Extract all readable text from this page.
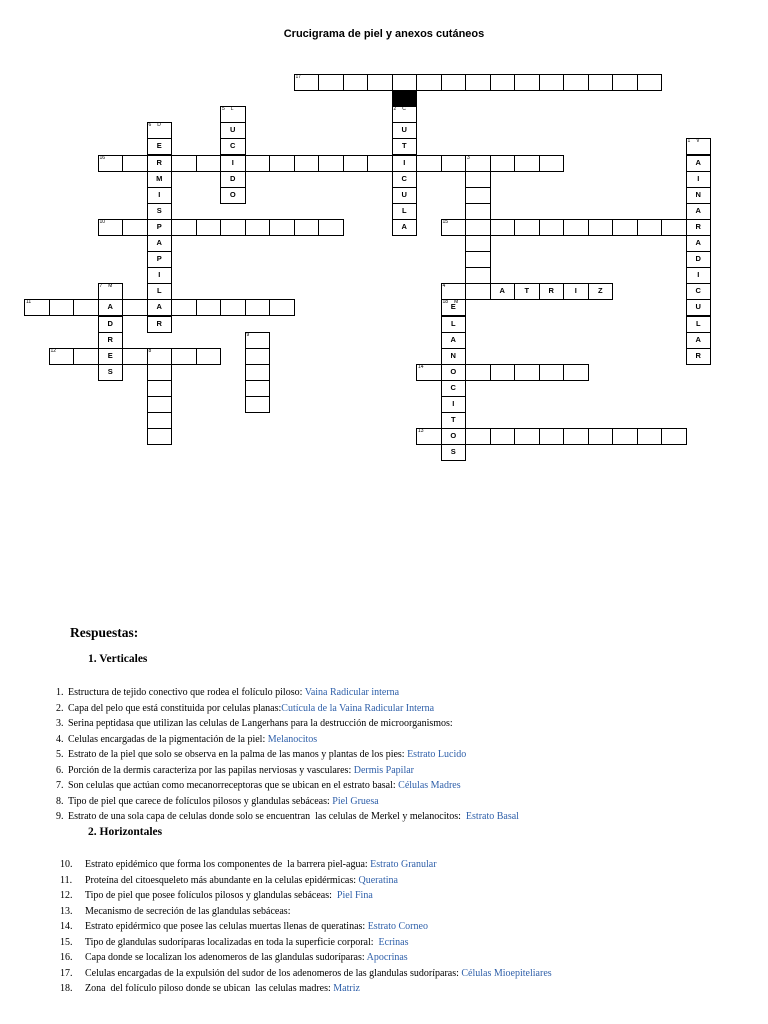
Crucigrama de piel y anexos cutáneos
17
5 L	2 C
6 D	U	U
E	C	T	1 V
16	R	I	I	3	A
M	D	C	I
I	O	U	N
S	L	A
10	P	A	15	R
A	A
P	D
I	I
7 M	L	4	A	T	R	I	Z	C
11	A	A	18 M
E	U
D	R	L	L
R	9	A	A
12	E	8	N	R
S	14	O
C
I
T
13	O
S
Respuestas:
1. Verticales
1. Estructura de tejido conectivo que rodea el folículo piloso: Vaina Radicular interna
2. Capa del pelo que está constituida por celulas planas:Cutícula de la Vaina Radicular Interna
3. Serina peptidasa que utilizan las celulas de Langerhans para la destrucción de microorganismos:
4. Celulas encargadas de la pigmentación de la piel: Melanocitos
5. Estrato de la piel que solo se observa en la palma de las manos y plantas de los pies: Estrato Lucido
6. Porción de la dermis caracteriza por las papilas nerviosas y vasculares: Dermis Papilar
7. Son celulas que actúan como mecanorreceptoras que se ubican en el estrato basal: Células Madres
8. Tipo de piel que carece de folículos pilosos y glandulas sebáceas: Piel Gruesa
9. Estrato de una sola capa de celulas donde solo se encuentran  las celulas de Merkel y melanocitos:  Estrato Basal
2. Horizontales
10.  Estrato epidémico que forma los componentes de  la barrera piel-agua: Estrato Granular
11.  Proteína del citoesqueleto más abundante en la celulas epidérmicas: Queratina
12.  Tipo de piel que posee folículos pilosos y glandulas sebáceas:  Piel Fina
13.  Mecanismo de secreción de las glandulas sebáceas:
14.  Estrato epidérmico que posee las celulas muertas llenas de queratinas: Estrato Corneo
15.  Tipo de glandulas sudoríparas localizadas en toda la superficie corporal:  Ecrinas
16.  Capa donde se localizan los adenomeros de las glandulas sudoríparas: Apocrinas
17.  Celulas encargadas de la expulsión del sudor de los adenomeros de las glandulas sudoríparas: Células Mioepiteliares
18.  Zona  del folículo piloso donde se ubican  las celulas madres: Matriz
